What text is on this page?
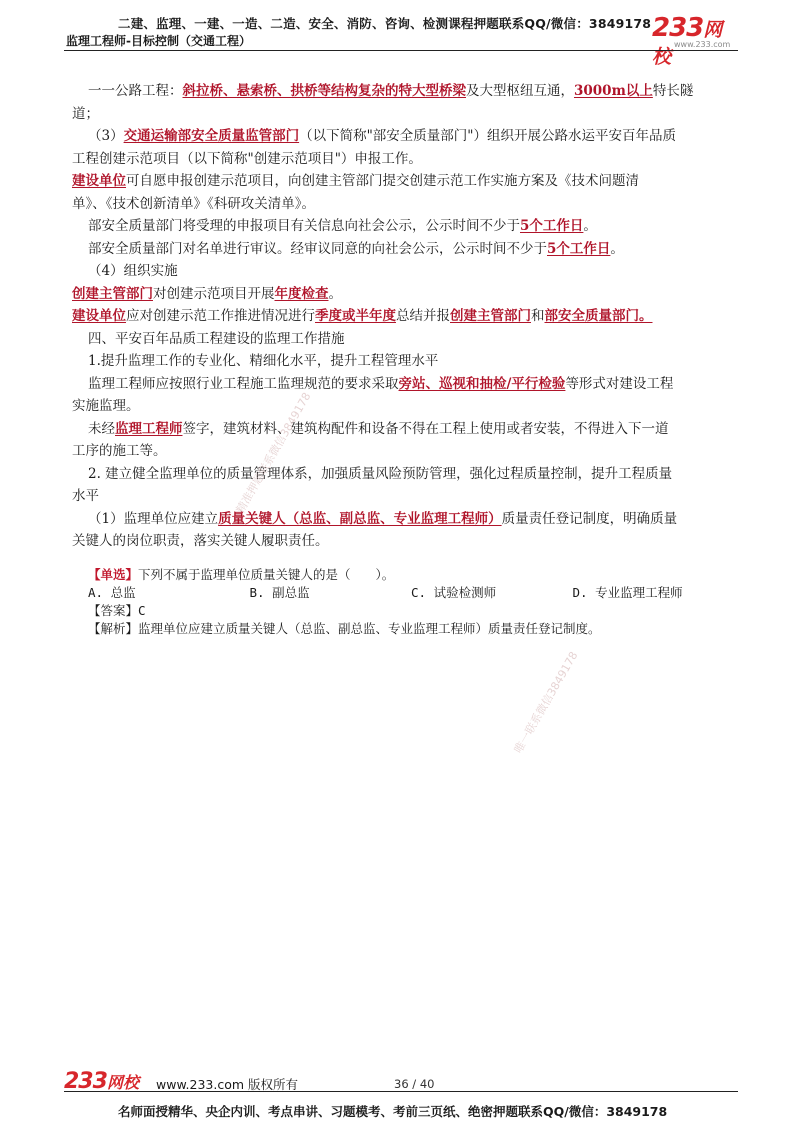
二建、监理、一建、一造、二造、安全、消防、咨询、检测课程押题联系QQ/微信：3849178
监理工程师-目标控制（交通工程）	233网校
www.233.com

一一公路工程：斜拉桥、悬索桥、拱桥等结构复杂的特大型桥梁及大型枢纽互通，3000m以上特长隧

道；

（3）交通运输部安全质量监管部门（以下简称"部安全质量部门"）组织开展公路水运平安百年品质

工程创建示范项目（以下简称"创建示范项目"）申报工作。

建设单位可自愿申报创建示范项目，向创建主管部门提交创建示范工作实施方案及《技术问题清

单》、《技术创新清单》《科研攻关清单》。

部安全质量部门将受理的申报项目有关信息向社会公示，公示时间不少于5个工作日。

部安全质量部门对名单进行审议。经审议同意的向社会公示，公示时间不少于5个工作日。

（4）组织实施

创建主管部门对创建示范项目开展年度检查。

建设单位应对创建示范工作推进情况进行季度或半年度总结并报创建主管部门和部安全质量部门。

四、平安百年品质工程建设的监理工作措施

1.提升监理工作的专业化、精细化水平，提升工程管理水平

监理工程师应按照行业工程施工监理规范的要求采取旁站、巡视和抽检/平行检验等形式对建设工程

实施监理。

未经监理工程师签字，建筑材料、建筑构配件和设备不得在工程上使用或者安装，不得进入下一道

工序的施工等。

2. 建立健全监理单位的质量管理体系，加强质量风险预防管理，强化过程质量控制，提升工程质量

水平

（1）监理单位应建立质量关键人（总监、副总监、专业监理工程师）质量责任登记制度，明确质量

关键人的岗位职责，落实关键人履职责任。

【单选】下列不属于监理单位质量关键人的是（　　）。
A. 总监	B. 副总监	C. 试验检测师	D. 专业监理工程师
【答案】C
【解析】监理单位应建立质量关键人（总监、副总监、专业监理工程师）质量责任登记制度。
精准押题联系微信3849178
唯一联系微信3849178
233网校 www.233.com 版权所有	36 / 40
名师面授精华、央企内训、考点串讲、习题模考、考前三页纸、绝密押题联系QQ/微信：3849178
